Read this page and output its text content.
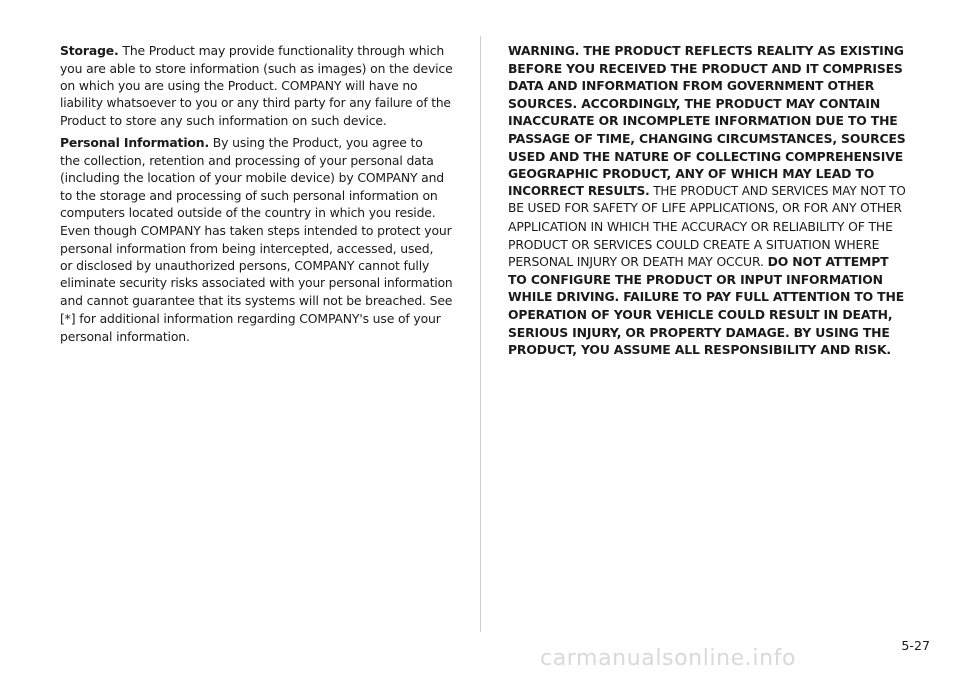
Storage. The Product may provide functionality through which
you are able to store information (such as images) on the device
on which you are using the Product. COMPANY will have no
liability whatsoever to you or any third party for any failure of the
Product to store any such information on such device.
Personal Information. By using the Product, you agree to
the collection, retention and processing of your personal data
(including the location of your mobile device) by COMPANY and
to the storage and processing of such personal information on
computers located outside of the country in which you reside.
Even though COMPANY has taken steps intended to protect your
personal information from being intercepted, accessed, used,
or disclosed by unauthorized persons, COMPANY cannot fully
eliminate security risks associated with your personal information
and cannot guarantee that its systems will not be breached. See
[*] for additional information regarding COMPANY's use of your
personal information.
WARNING. THE PRODUCT REFLECTS REALITY AS EXISTING
BEFORE YOU RECEIVED THE PRODUCT AND IT COMPRISES
DATA AND INFORMATION FROM GOVERNMENT OTHER
SOURCES. ACCORDINGLY, THE PRODUCT MAY CONTAIN
INACCURATE OR INCOMPLETE INFORMATION DUE TO THE
PASSAGE OF TIME, CHANGING CIRCUMSTANCES, SOURCES
USED AND THE NATURE OF COLLECTING COMPREHENSIVE
GEOGRAPHIC PRODUCT, ANY OF WHICH MAY LEAD TO
INCORRECT RESULTS. THE PRODUCT AND SERVICES MAY NOT TO
BE USED FOR SAFETY OF LIFE APPLICATIONS, OR FOR ANY OTHER
APPLICATION IN WHICH THE ACCURACY OR RELIABILITY OF THE
PRODUCT OR SERVICES COULD CREATE A SITUATION WHERE
PERSONAL INJURY OR DEATH MAY OCCUR. DO NOT ATTEMPT
TO CONFIGURE THE PRODUCT OR INPUT INFORMATION
WHILE DRIVING. FAILURE TO PAY FULL ATTENTION TO THE
OPERATION OF YOUR VEHICLE COULD RESULT IN DEATH,
SERIOUS INJURY, OR PROPERTY DAMAGE. BY USING THE
PRODUCT, YOU ASSUME ALL RESPONSIBILITY AND RISK.
5-27
carmanualsonline.info
